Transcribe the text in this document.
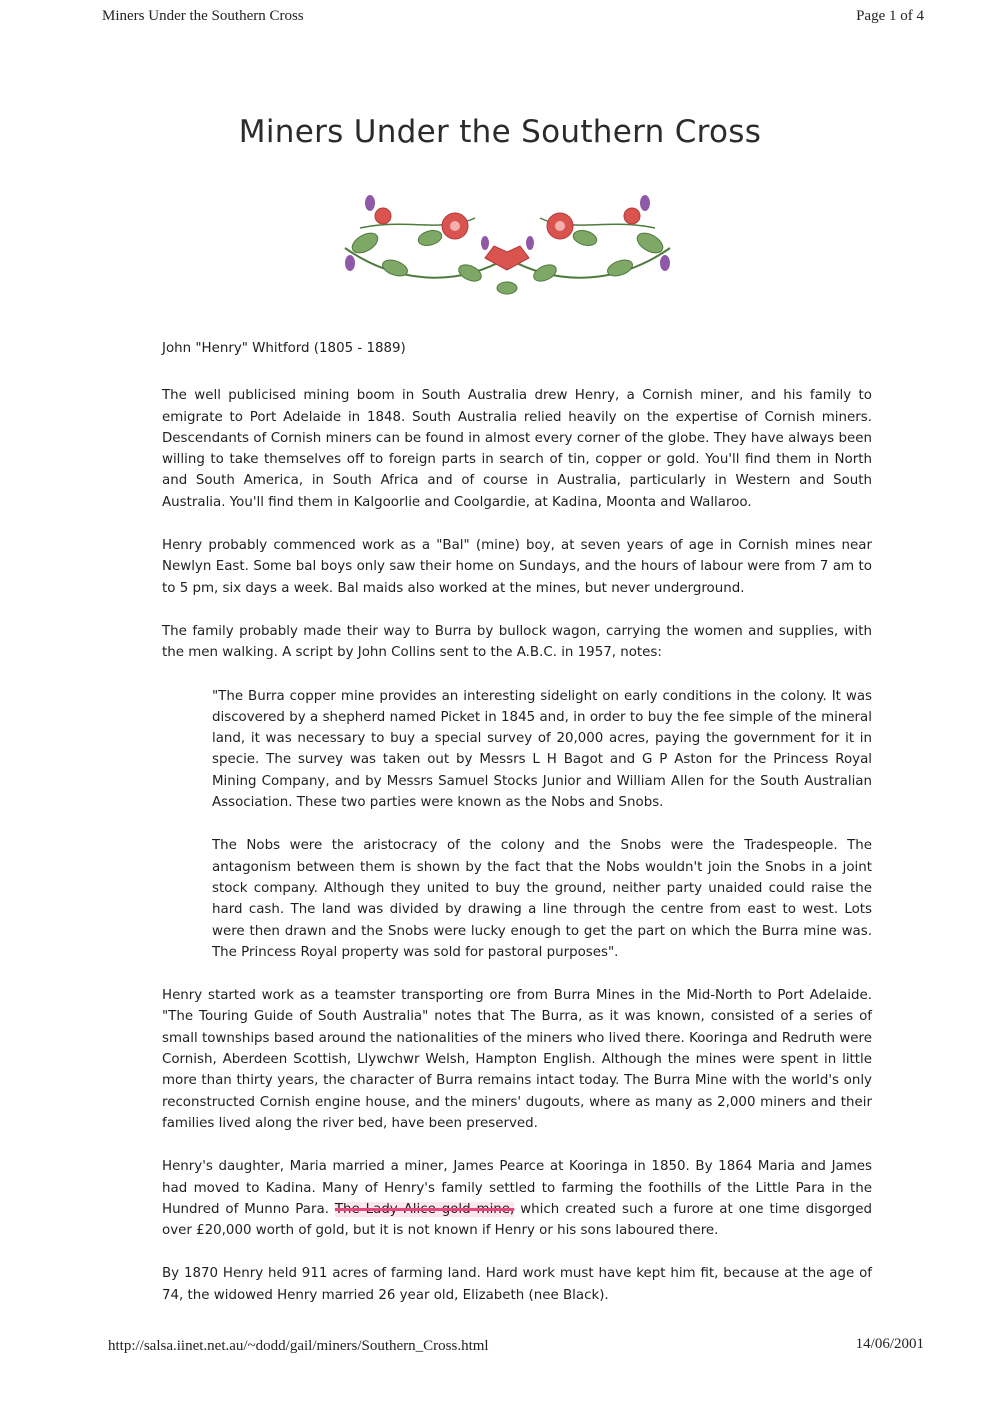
Miners Under the Southern Cross	Page 1 of 4
Miners Under the Southern Cross

John "Henry" Whitford (1805 - 1889)

The well publicised mining boom in South Australia drew Henry, a Cornish miner, and his family to emigrate to Port Adelaide in 1848. South Australia relied heavily on the expertise of Cornish miners. Descendants of Cornish miners can be found in almost every corner of the globe. They have always been willing to take themselves off to foreign parts in search of tin, copper or gold. You'll find them in North and South America, in South Africa and of course in Australia, particularly in Western and South Australia. You'll find them in Kalgoorlie and Coolgardie, at Kadina, Moonta and Wallaroo.

Henry probably commenced work as a "Bal" (mine) boy, at seven years of age in Cornish mines near Newlyn East. Some bal boys only saw their home on Sundays, and the hours of labour were from 7 am to to 5 pm, six days a week. Bal maids also worked at the mines, but never underground.

The family probably made their way to Burra by bullock wagon, carrying the women and supplies, with the men walking. A script by John Collins sent to the A.B.C. in 1957, notes:

"The Burra copper mine provides an interesting sidelight on early conditions in the colony. It was discovered by a shepherd named Picket in 1845 and, in order to buy the fee simple of the mineral land, it was necessary to buy a special survey of 20,000 acres, paying the government for it in specie. The survey was taken out by Messrs L H Bagot and G P Aston for the Princess Royal Mining Company, and by Messrs Samuel Stocks Junior and William Allen for the South Australian Association. These two parties were known as the Nobs and Snobs.

The Nobs were the aristocracy of the colony and the Snobs were the Tradespeople. The antagonism between them is shown by the fact that the Nobs wouldn't join the Snobs in a joint stock company. Although they united to buy the ground, neither party unaided could raise the hard cash. The land was divided by drawing a line through the centre from east to west. Lots were then drawn and the Snobs were lucky enough to get the part on which the Burra mine was. The Princess Royal property was sold for pastoral purposes".

Henry started work as a teamster transporting ore from Burra Mines in the Mid-North to Port Adelaide. "The Touring Guide of South Australia" notes that The Burra, as it was known, consisted of a series of small townships based around the nationalities of the miners who lived there. Kooringa and Redruth were Cornish, Aberdeen Scottish, Llywchwr Welsh, Hampton English. Although the mines were spent in little more than thirty years, the character of Burra remains intact today. The Burra Mine with the world's only reconstructed Cornish engine house, and the miners' dugouts, where as many as 2,000 miners and their families lived along the river bed, have been preserved.

Henry's daughter, Maria married a miner, James Pearce at Kooringa in 1850. By 1864 Maria and James had moved to Kadina. Many of Henry's family settled to farming the foothills of the Little Para in the Hundred of Munno Para. The Lady Alice gold mine, which created such a furore at one time disgorged over £20,000 worth of gold, but it is not known if Henry or his sons laboured there.

By 1870 Henry held 911 acres of farming land. Hard work must have kept him fit, because at the age of 74, the widowed Henry married 26 year old, Elizabeth (nee Black).

http://salsa.iinet.net.au/~dodd/gail/miners/Southern_Cross.html	14/06/2001
